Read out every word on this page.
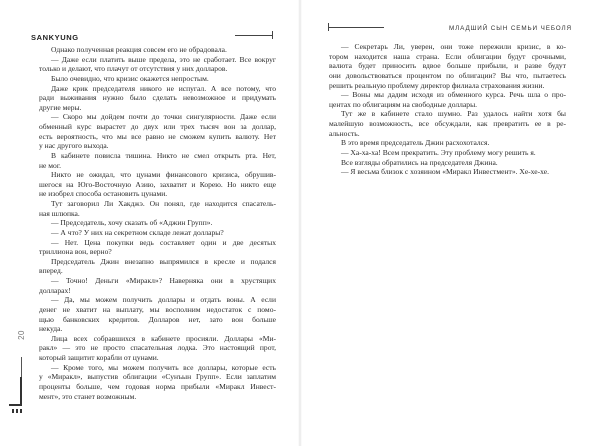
SANKYUNG
Однако полученная реакция совсем его не обрадовала.
— Даже если платить выше предела, это не сработает. Все вокруг
только и делают, что плачут от отсутствия у них долларов.
Было очевидно, что кризис окажется непростым.
Даже крик председателя никого не испугал. А все потому, что
ради выживания нужно было сделать невозможное и придумать
другие меры.
— Скоро мы дойдем почти до точки сингулярности. Даже если
обменный курс вырастет до двух или трех тысяч вон за доллар,
есть вероятность, что мы все равно не сможем купить валюту. Нет
у нас другого выхода.
В кабинете повисла тишина. Никто не смел открыть рта. Нет,
не мог.
Никто не ожидал, что цунами финансового кризиса, обрушив-
шегося на Юго-Восточную Азию, захватит и Корею. Но никто еще
не изобрел способа остановить цунами.
Тут заговорил Ли Хакджэ. Он понял, где находится спасатель-
ная шлюпка.
— Председатель, хочу сказать об «Аджин Групп».
— А что? У них на секретном складе лежат доллары?
— Нет. Цена покупки ведь составляет один и две десятых
триллиона вон, верно?
Председатель Джин внезапно выпрямился в кресле и подался
вперед.
— Точно! Деньги «Миракл»? Наверняка они в хрустящих
долларах!
— Да, мы можем получить доллары и отдать воны. А если
денег не хватит на выплату, мы восполним недостаток с помо-
щью банковских кредитов. Долларов нет, зато вон больше
некуда.
Лица всех собравшихся в кабинете просияли. Доллары «Ми-
ракл» — это не просто спасательная лодка. Это настоящий прот,
который защитит корабли от цунами.
— Кроме того, мы можем получить все доллары, которые есть
у «Миракл», выпустив облигации «Сунъын Групп». Если заплатим
проценты больше, чем годовая норма прибыли «Миракл Инвест-
мент», это станет возможным.
20
МЛАДШИЙ СЫН СЕМЬИ ЧЕБОЛЯ
— Секретарь Ли, уверен, они тоже пережили кризис, в ко-
тором находится наша страна. Если облигации будут срочными,
валюта будет приносить вдвое больше прибыли, и разве будут
они довольствоваться процентом по облигации? Вы что, пытаетесь
решить реальную проблему директор филиала страхования жизни.
— Воны мы дадим исходя из обменного курса. Речь шла о про-
центах по облигациям на свободные доллары.
Тут же в кабинете стало шумно. Раз удалось найти хотя бы
малейшую возможность, все обсуждали, как превратить ее в ре-
альность.
В это время председатель Джин расхохотался.
— Ха-ха-ха! Всем прекратить. Эту проблему могу решить я.
Все взгляды обратились на председателя Джина.
— Я весьма близок с хозяином «Миракл Инвестмент». Хе-хе-хе.
